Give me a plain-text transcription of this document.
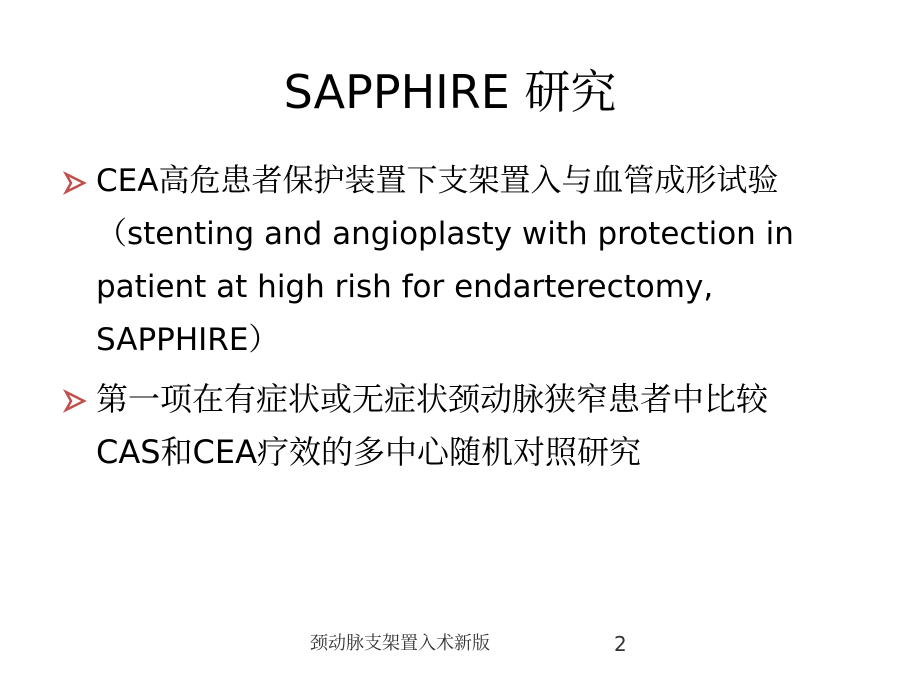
SAPPHIRE 研究
CEA高危患者保护装置下支架置入与血管成形试验 （stenting and angioplasty with protection in patient at high rish for endarterectomy, SAPPHIRE）
第一项在有症状或无症状颈动脉狭窄患者中比较CAS和CEA疗效的多中心随机对照研究
颈动脉支架置入术新版	2
